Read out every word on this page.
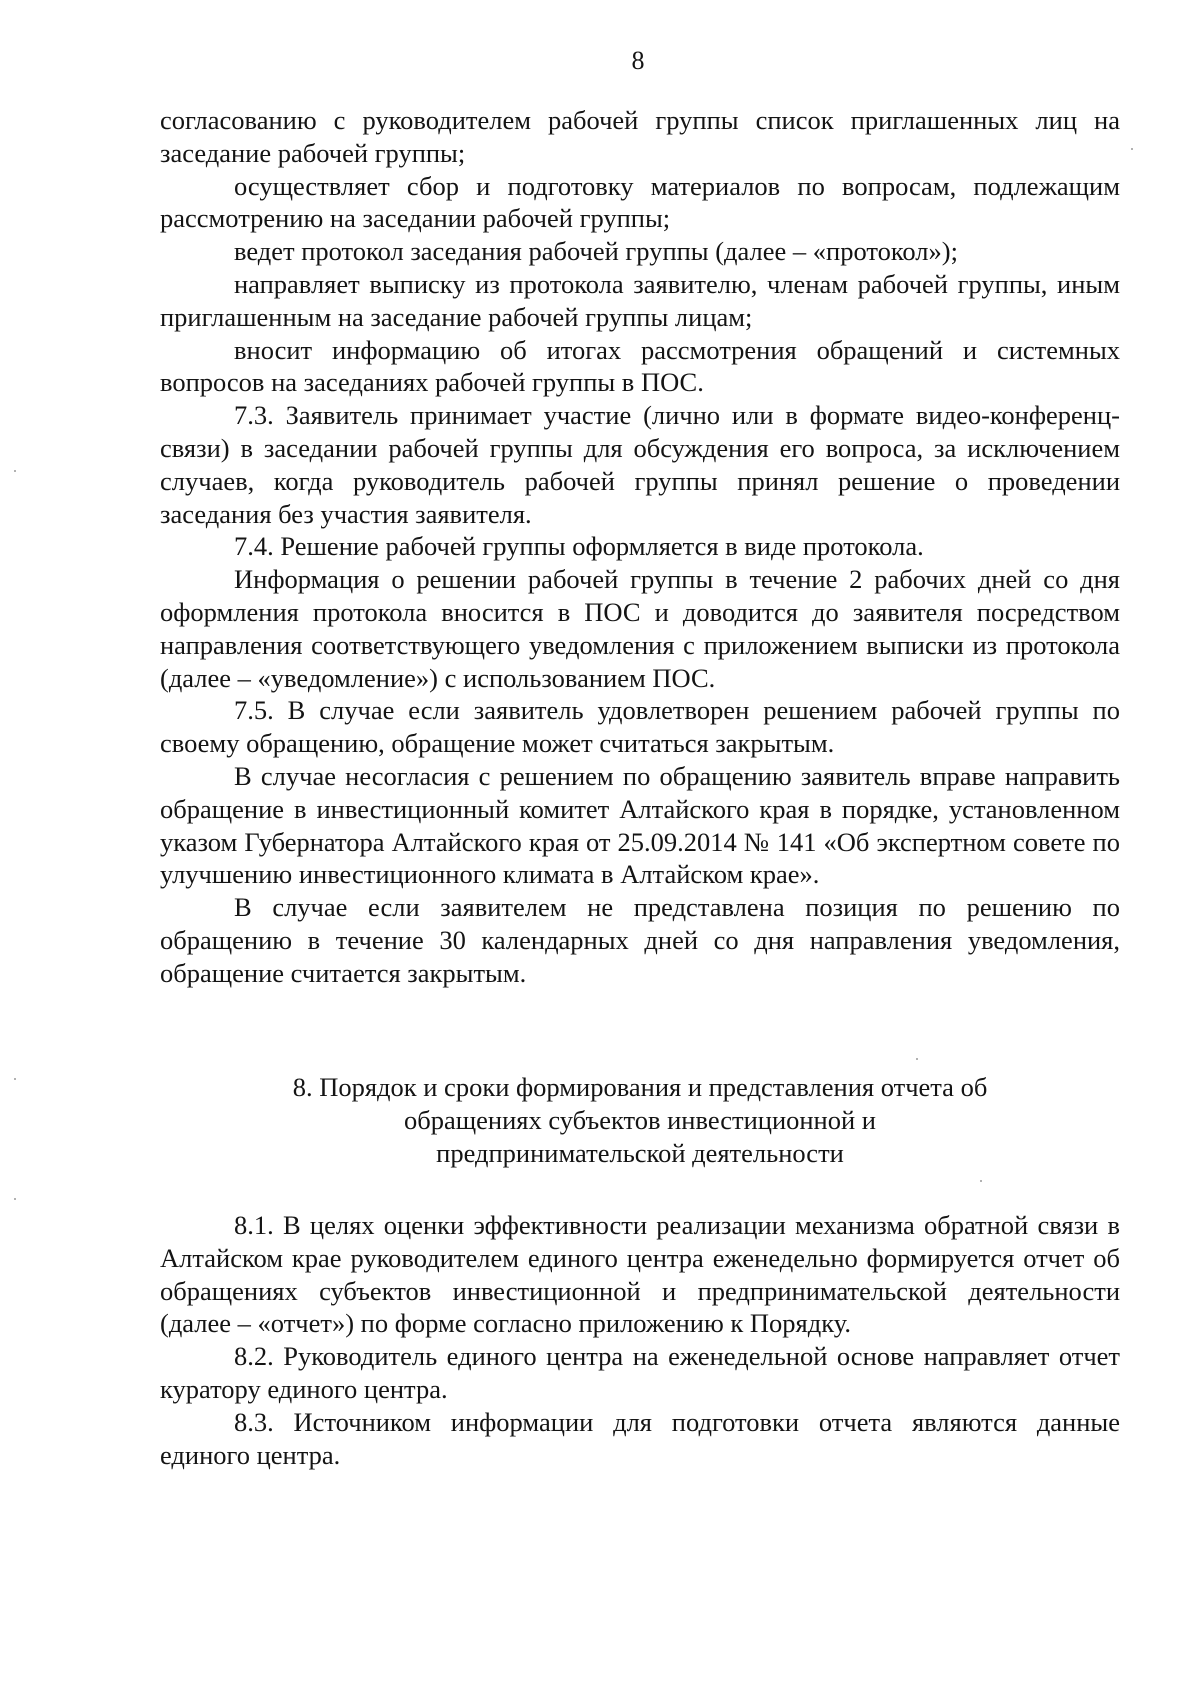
8

согласованию с руководителем рабочей группы список приглашенных лиц на заседание рабочей группы;

осуществляет сбор и подготовку материалов по вопросам, подлежащим рассмотрению на заседании рабочей группы;

ведет протокол заседания рабочей группы (далее – «протокол»);

направляет выписку из протокола заявителю, членам рабочей группы, иным приглашенным на заседание рабочей группы лицам;

вносит информацию об итогах рассмотрения обращений и системных вопросов на заседаниях рабочей группы в ПОС.

7.3. Заявитель принимает участие (лично или в формате видео-конференц-связи) в заседании рабочей группы для обсуждения его вопроса, за исключением случаев, когда руководитель рабочей группы принял решение о проведении заседания без участия заявителя.

7.4. Решение рабочей группы оформляется в виде протокола.

Информация о решении рабочей группы в течение 2 рабочих дней со дня оформления протокола вносится в ПОС и доводится до заявителя посредством направления соответствующего уведомления с приложением выписки из протокола (далее – «уведомление») с использованием ПОС.

7.5. В случае если заявитель удовлетворен решением рабочей группы по своему обращению, обращение может считаться закрытым.

В случае несогласия с решением по обращению заявитель вправе направить обращение в инвестиционный комитет Алтайского края в порядке, установленном указом Губернатора Алтайского края от 25.09.2014 № 141 «Об экспертном совете по улучшению инвестиционного климата в Алтайском крае».

В случае если заявителем не представлена позиция по решению по обращению в течение 30 календарных дней со дня направления уведомления, обращение считается закрытым.

8. Порядок и сроки формирования и представления отчета об
обращениях субъектов инвестиционной и
предпринимательской деятельности

8.1. В целях оценки эффективности реализации механизма обратной связи в Алтайском крае руководителем единого центра еженедельно формируется отчет об обращениях субъектов инвестиционной и предпринимательской деятельности (далее – «отчет») по форме согласно приложению к Порядку.

8.2. Руководитель единого центра на еженедельной основе направляет отчет куратору единого центра.

8.3. Источником информации для подготовки отчета являются данные единого центра.
